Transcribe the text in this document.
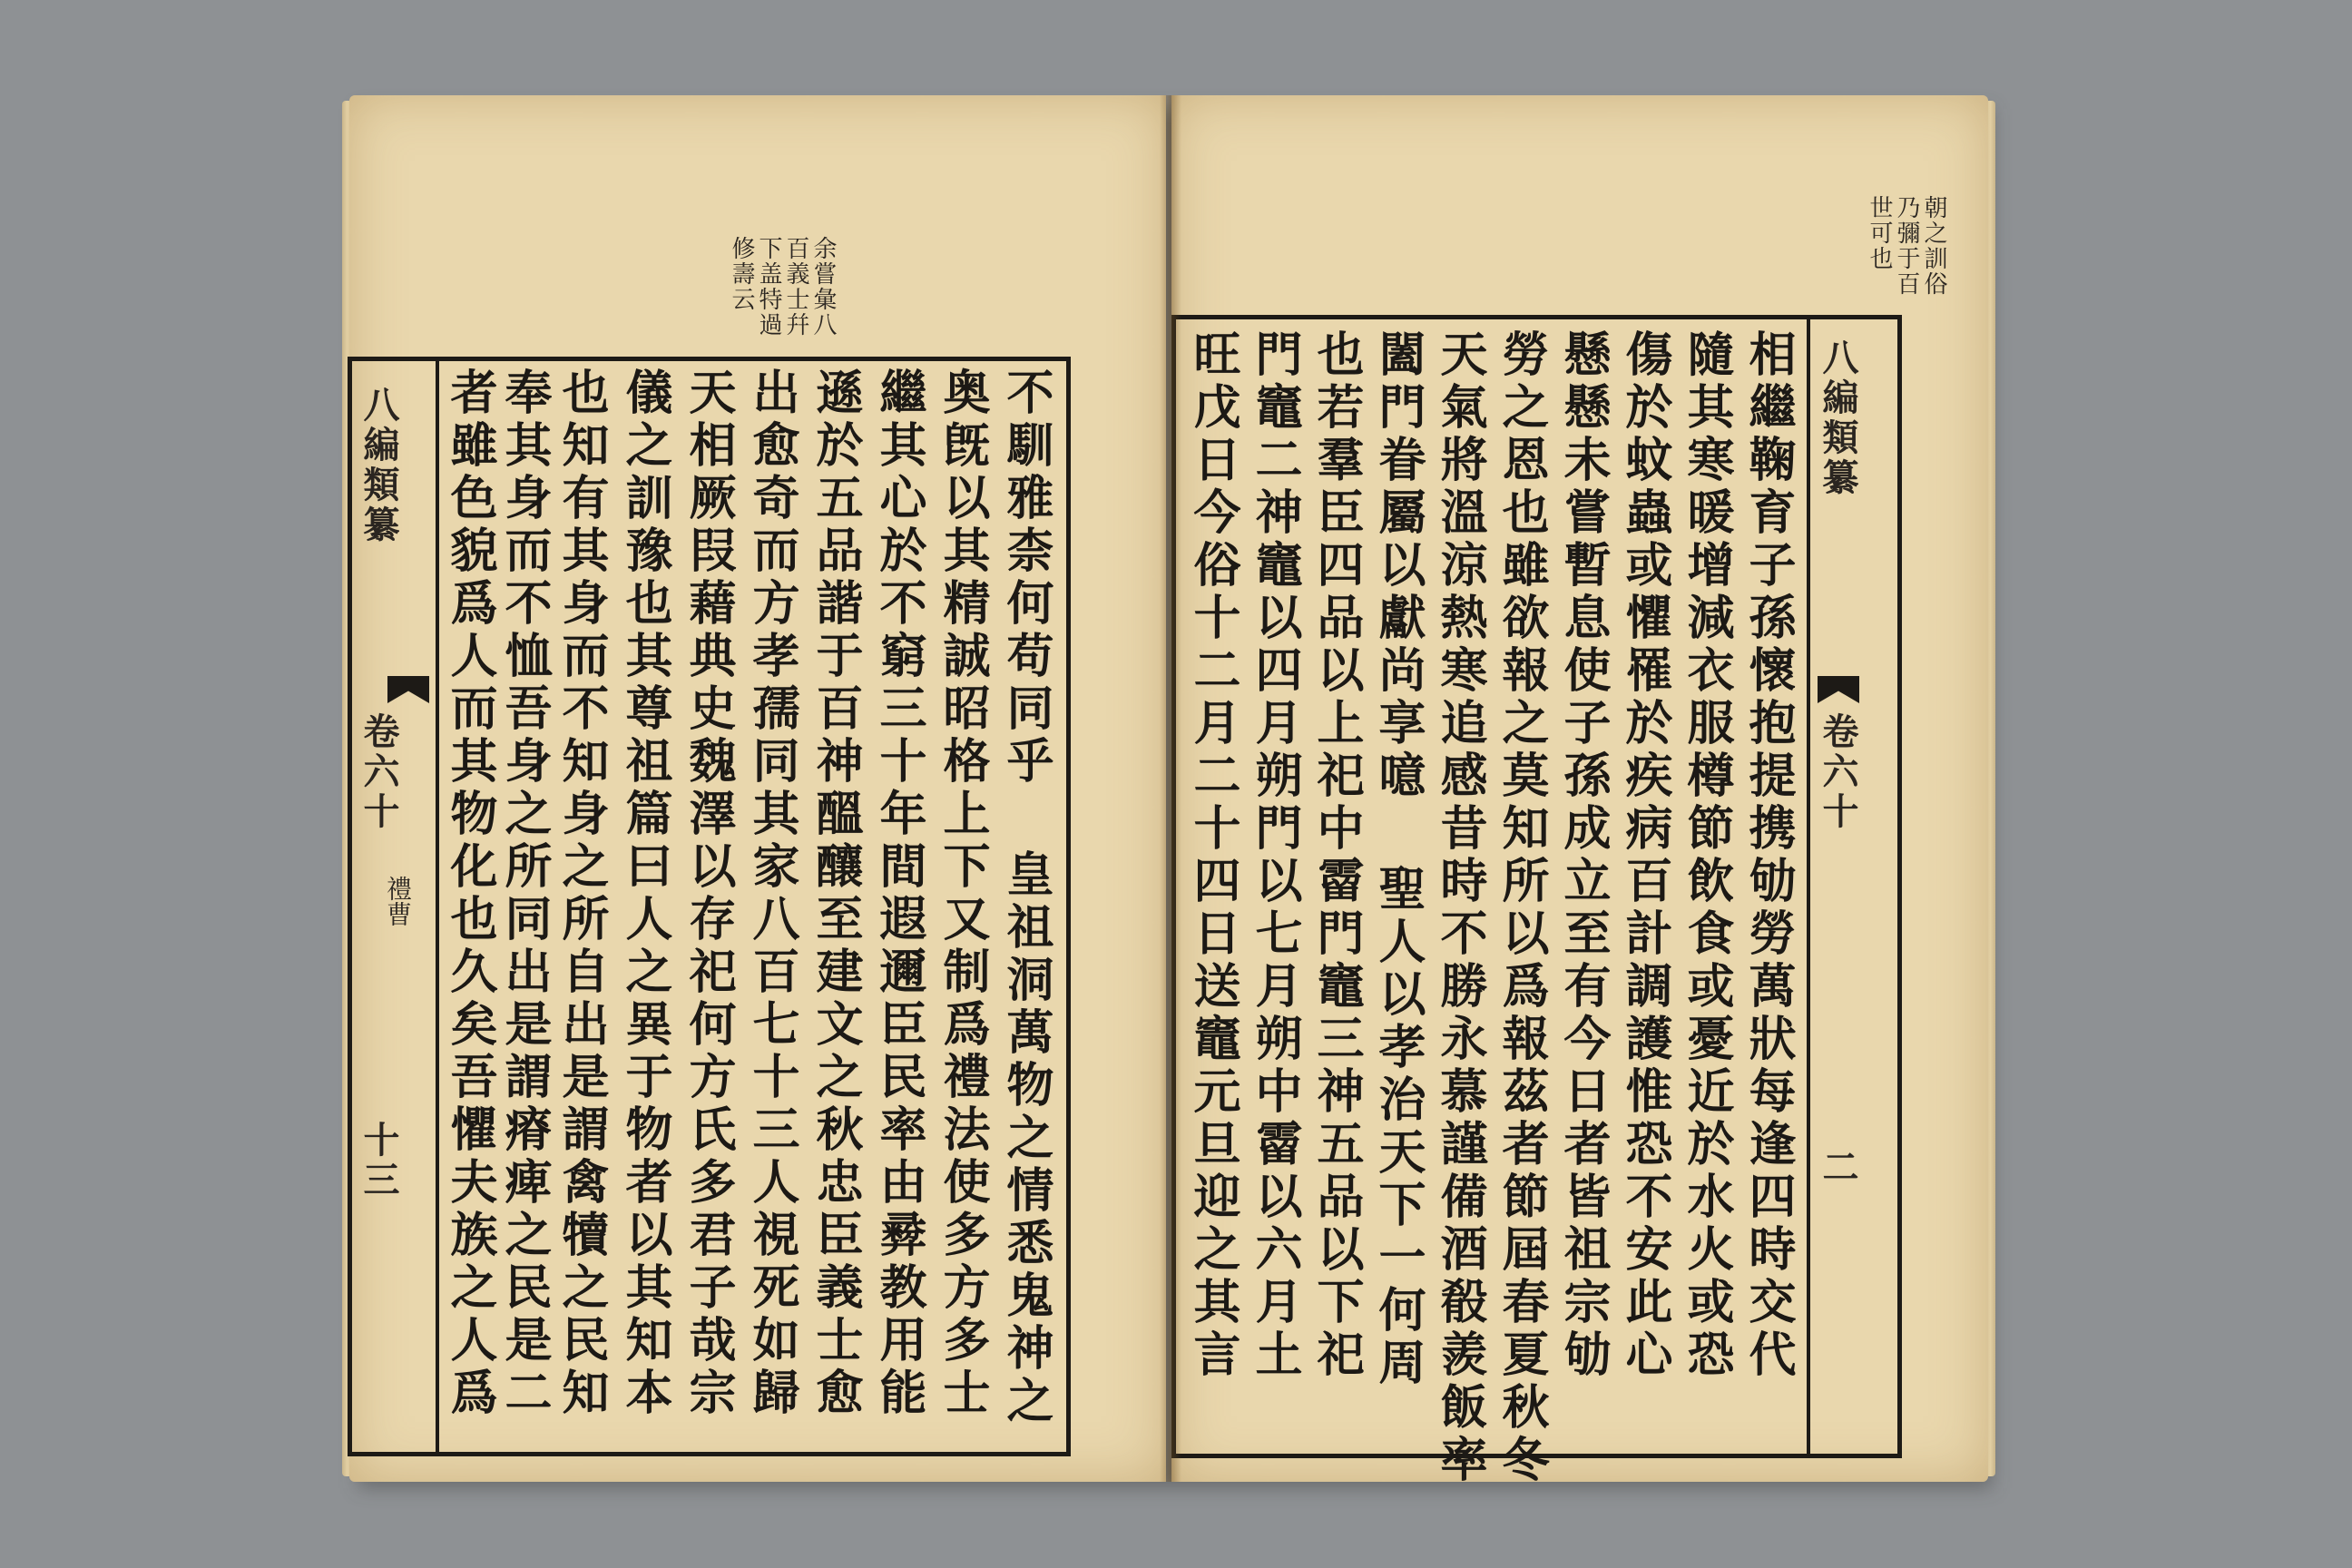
余嘗𢑥八
百義士幷
下盖特過
修壽云
八編類纂
卷六十
禮曹
十三	不馴雅柰何苟同乎 皇祖洞萬物之情悉鬼神之
奥旣以其精誠昭格上下又制爲禮法使多方多士
繼其心於不窮三十年間遐邇臣民率由彛教用能
遜於五品諧于百神醞釀至建文之秋忠臣義士愈
出愈奇而方孝孺同其家八百七十三人視死如歸
天相厥叚藉典史魏澤以存祀何方氏多君子哉宗
儀之訓豫也其尊祖篇曰人之異于物者以其知本
也知有其身而不知身之所自出是謂禽犢之民知
奉其身而不恤吾身之所同出是謂瘠痺之民是二
者雖色貌爲人而其物化也久矣吾懼夫族之人爲
朝之訓俗
乃彌于百
世可也
八編類纂
卷六十
二
相繼鞠育子孫懷抱提携劬勞萬狀每逢四時交代
隨其寒暖增減衣服樽節飲食或憂近於水火或恐
傷於蚊蟲或懼罹於疾病百計調護惟恐不安此心
懸懸未嘗暫息使子孫成立至有今日者皆祖宗劬
勞之恩也雖欲報之莫知所以爲報茲者節屆春夏秋冬
天氣將溫涼熱寒追感昔時不勝永慕謹備酒殽羨飯率
闔門眷屬以獻尚享噫 聖人以孝治天下一何周
也若羣臣四品以上祀中霤門竈三神五品以下祀
門竈二神竈以四月朔門以七月朔中霤以六月土
旺戊日今俗十二月二十四日送竈元旦迎之其言
